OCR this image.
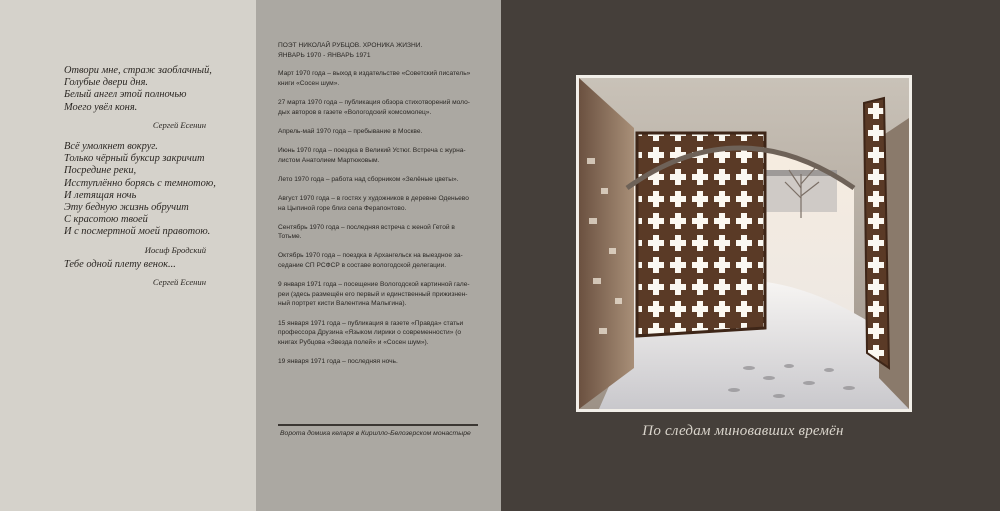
Отвори мне, страж заоблачный,
Голубые двери дня.
Белый ангел этой полночью
Моего увёл коня.
Сергей Есенин
Всё умолкнет вокруг.
Только чёрный буксир закричит
Посредине реки,
Исступлённо борясь с темнотою,
И летящая ночь
Эту бедную жизнь обручит
С красотою твоей
И с посмертной моей правотою.
Иосиф Бродский
Тебе одной плету венок...
Сергей Есенин
ПОЭТ НИКОЛАЙ РУБЦОВ. ХРОНИКА ЖИЗНИ.
ЯНВАРЬ 1970 - ЯНВАРЬ 1971
Март 1970 года – выход в издательстве «Советский писатель»
книги «Сосен шум».
27 марта 1970 года – публикация обзора стихотворений моло-
дых авторов в газете «Вологодский комсомолец».
Апрель-май 1970 года – пребывание в Москве.
Июнь 1970 года – поездка в Великий Устюг. Встреча с журна-
листом Анатолием Мартюковым.
Лето 1970 года – работа над сборником «Зелёные цветы».
Август 1970 года – в гостях у художников в деревне Оденьево
на Цыпиной горе близ села Ферапонтово.
Сентябрь 1970 года – последняя встреча с женой Гетой в
Тотьме.
Октябрь 1970 года – поездка в Архангельск на выездное за-
седание СП РСФСР в составе вологодской делегации.
9 января 1971 года – посещение Вологодской картинной гале-
реи (здесь размещён его первый и единственный прижизнен-
ный портрет кисти Валентина Малыгина).
15 января 1971 года – публикация в газете «Правда» статьи
профессора Друзина «Языком лирики о современности» (о
книгах Рубцова «Звезда полей» и «Сосен шум»).
19 января 1971 года – последняя ночь.
Ворота домика келаря в Кирилло-Белозерском монастыре	По следам миновавших времён
